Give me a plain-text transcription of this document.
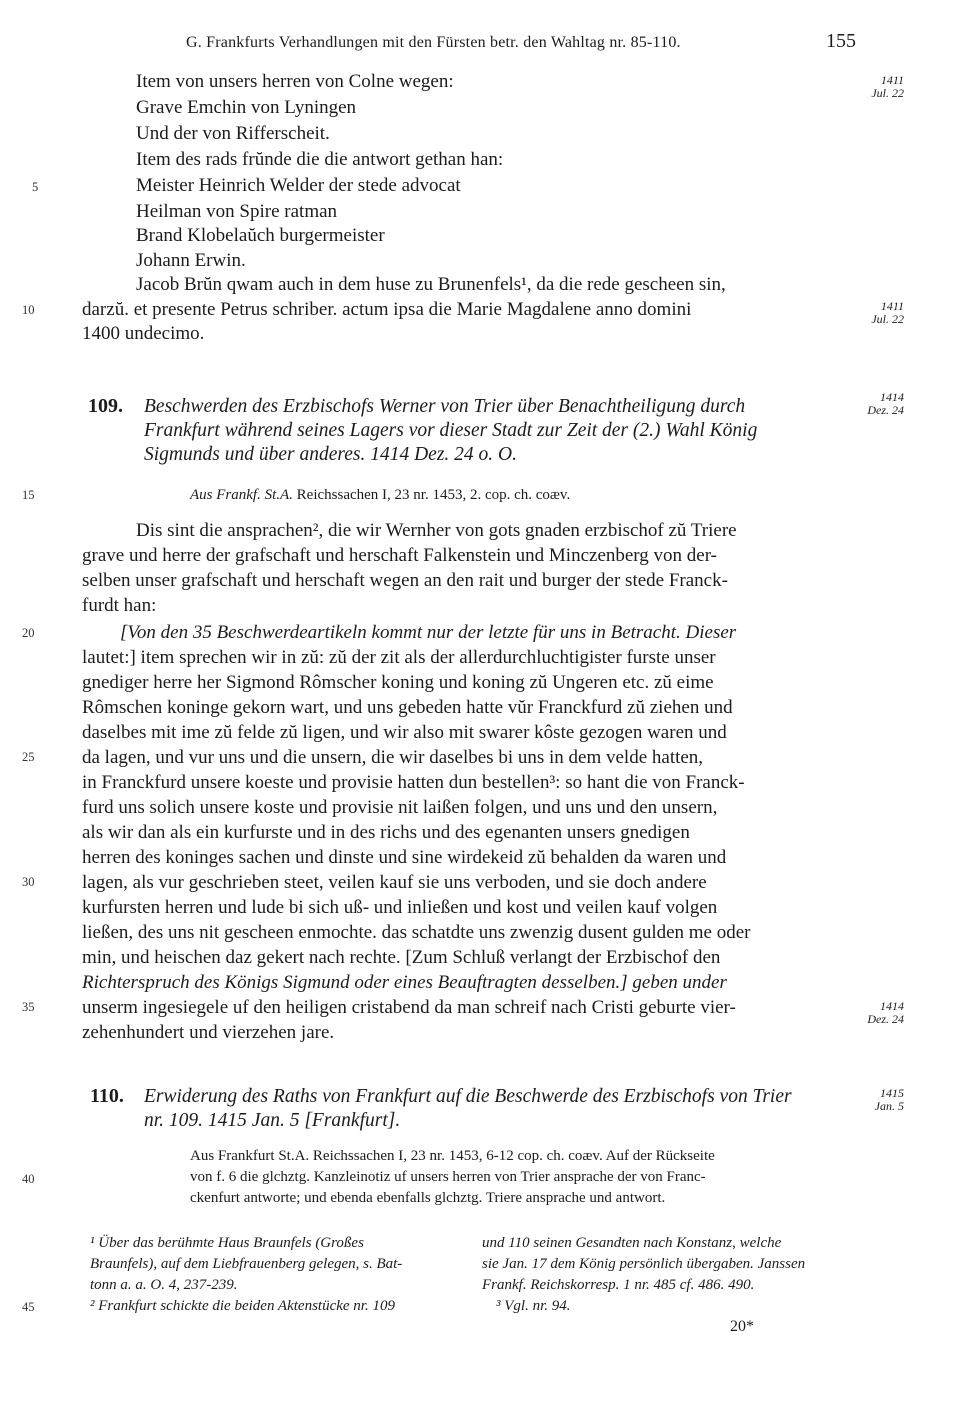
G. Frankfurts Verhandlungen mit den Fürsten betr. den Wahltag nr. 85-110.	155
Item von unsers herren von Colne wegen:
Grave Emchin von Lyningen
Und der von Rifferscheit.
Item des rads frŭnde die die antwort gethan han:
Meister Heinrich Welder der stede advocat
Heilman von Spire ratman
Brand Klobelaŭch burgermeister
Johann Erwin.
Jacob Brŭn qwam auch in dem huse zu Brunenfels¹, da die rede gescheen sin,
darzŭ. et presente Petrus schriber. actum ipsa die Marie Magdalene anno domini
1400 undecimo.
1411
Jul. 22
1411
Jul. 22
109. Beschwerden des Erzbischofs Werner von Trier über Benachtheiligung durch
Frankfurt während seines Lagers vor dieser Stadt zur Zeit der (2.) Wahl König
Sigmunds und über anderes. 1414 Dez. 24 o. O.
1414
Dez. 24
Aus Frankf. St.A. Reichssachen I, 23 nr. 1453, 2. cop. ch. coæv.
Dis sint die ansprachen², die wir Wernher von gots gnaden erzbischof zŭ Triere
grave und herre der grafschaft und herschaft Falkenstein und Minczenberg von der-
selben unser grafschaft und herschaft wegen an den rait und burger der stede Franck-
furdt han:
[Von den 35 Beschwerdeartikeln kommt nur der letzte für uns in Betracht. Dieser
lautet:] item sprechen wir in zŭ: zŭ der zit als der allerdurchluchtigister furste unser
gnediger herre her Sigmond Rômscher koning und koning zŭ Ungeren etc. zŭ eime
Rômschen koninge gekorn wart, und uns gebeden hatte vŭr Franckfurd zŭ ziehen und
daselbes mit ime zŭ felde zŭ ligen, und wir also mit swarer kôste gezogen waren und
da lagen, und vur uns und die unsern, die wir daselbes bi uns in dem velde hatten,
in Franckfurd unsere koeste und provisie hatten dun bestellen³: so hant die von Franck-
furd uns solich unsere koste und provisie nit laißen folgen, und uns und den unsern,
als wir dan als ein kurfurste und in des richs und des egenanten unsers gnedigen
herren des koninges sachen und dinste und sine wirdekeid zŭ behalden da waren und
lagen, als vur geschrieben steet, veilen kauf sie uns verboden, und sie doch andere
kurfursten herren und lude bi sich uß- und inließen und kost und veilen kauf volgen
ließen, des uns nit gescheen enmochte. das schatdte uns zwenzig dusent gulden me oder
min, und heischen daz gekert nach rechte. [Zum Schluß verlangt der Erzbischof den
Richterspruch des Königs Sigmund oder eines Beauftragten desselben.] geben under
unserm ingesiegele uf den heiligen cristabend da man schreif nach Cristi geburte vier-
zehenhundert und vierzehen jare.
1414
Dez. 24
110. Erwiderung des Raths von Frankfurt auf die Beschwerde des Erzbischofs von Trier
nr. 109. 1415 Jan. 5 [Frankfurt].
1415
Jan. 5
Aus Frankfurt St.A. Reichssachen I, 23 nr. 1453, 6-12 cop. ch. coæv. Auf der Rückseite
von f. 6 die glchztg. Kanzleinotiz uf unsers herren von Trier ansprache der von Franc-
ckenfurt antworte; und ebenda ebenfalls glchztg. Triere ansprache und antwort.
¹ Über das berühmte Haus Braunfels (Großes
Braunfels), auf dem Liebfrauenberg gelegen, s. Bat-
tonn a. a. O. 4, 237-239.
² Frankfurt schickte die beiden Aktenstücke nr. 109
und 110 seinen Gesandten nach Konstanz, welche
sie Jan. 17 dem König persönlich übergaben. Janssen
Frankf. Reichskorresp. 1 nr. 485 cf. 486. 490.
³ Vgl. nr. 94.
20*
5
10
15
20
25
30
35
40
45
